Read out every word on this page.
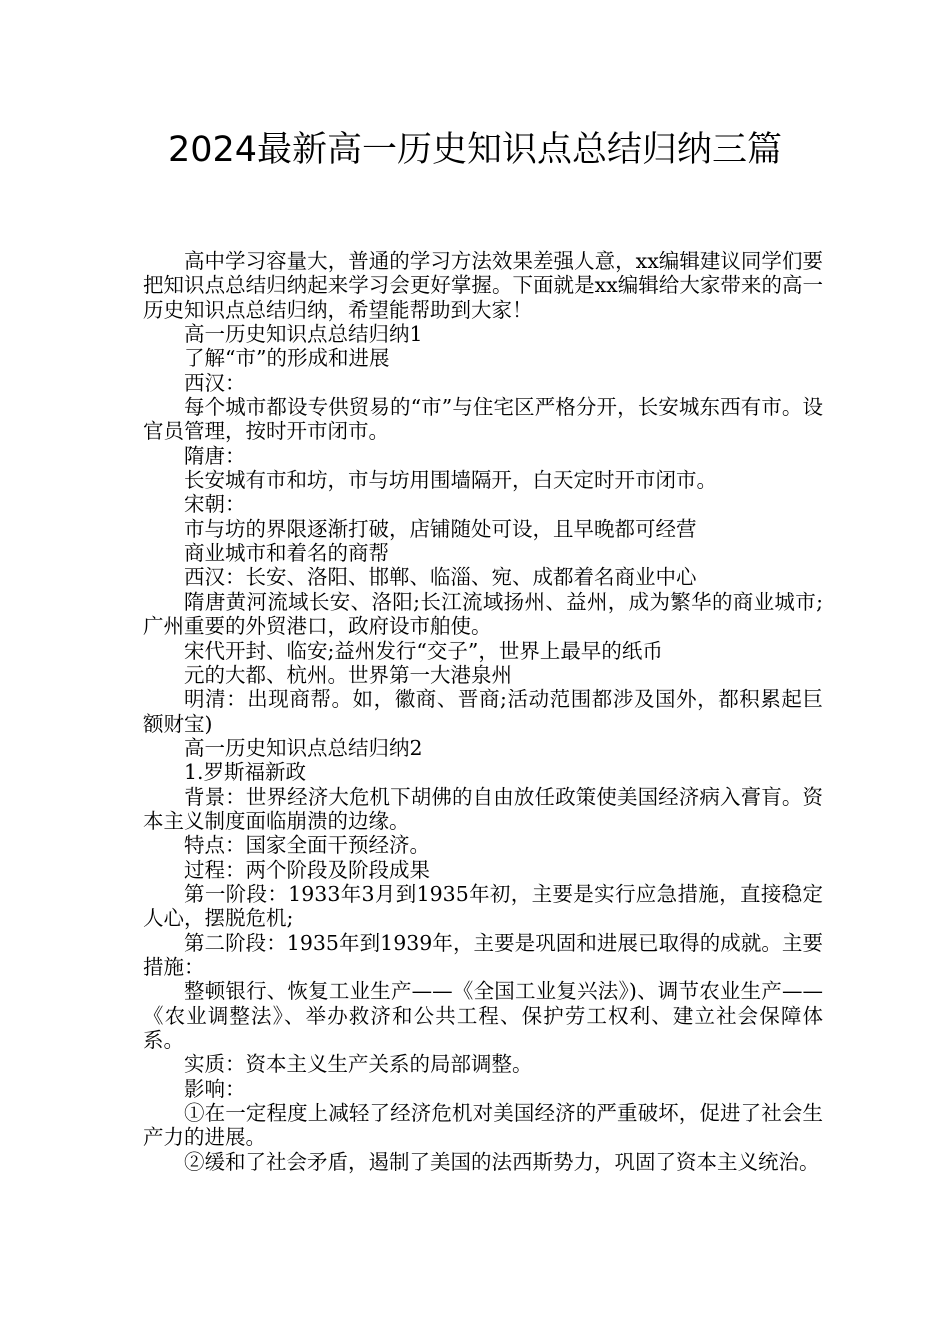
2024最新高一历史知识点总结归纳三篇

高中学习容量大，普通的学习方法效果差强人意，xx编辑建议同学们要把知识点总结归纳起来学习会更好掌握。下面就是xx编辑给大家带来的高一历史知识点总结归纳，希望能帮助到大家！

高一历史知识点总结归纳1

了解“市”的形成和进展

西汉：

每个城市都设专供贸易的“市”与住宅区严格分开，长安城东西有市。设官员管理，按时开市闭市。

隋唐：

长安城有市和坊，市与坊用围墙隔开，白天定时开市闭市。

宋朝：

市与坊的界限逐渐打破，店铺随处可设，且早晚都可经营

商业城市和着名的商帮

西汉：长安、洛阳、邯郸、临淄、宛、成都着名商业中心

隋唐黄河流域长安、洛阳;长江流域扬州、益州，成为繁华的商业城市;广州重要的外贸港口，政府设市舶使。

宋代开封、临安;益州发行“交子”，世界上最早的纸币

元的大都、杭州。世界第一大港泉州

明清：出现商帮。如，徽商、晋商;活动范围都涉及国外，都积累起巨额财宝)

高一历史知识点总结归纳2

1.罗斯福新政

背景：世界经济大危机下胡佛的自由放任政策使美国经济病入膏肓。资本主义制度面临崩溃的边缘。

特点：国家全面干预经济。

过程：两个阶段及阶段成果

第一阶段：1933年3月到1935年初，主要是实行应急措施，直接稳定人心，摆脱危机;

第二阶段：1935年到1939年，主要是巩固和进展已取得的成就。主要措施：

整顿银行、恢复工业生产——《全国工业复兴法》)、调节农业生产——《农业调整法》、举办救济和公共工程、保护劳工权利、建立社会保障体系。

实质：资本主义生产关系的局部调整。

影响：

①在一定程度上减轻了经济危机对美国经济的严重破坏，促进了社会生产力的进展。

②缓和了社会矛盾，遏制了美国的法西斯势力，巩固了资本主义统治。
